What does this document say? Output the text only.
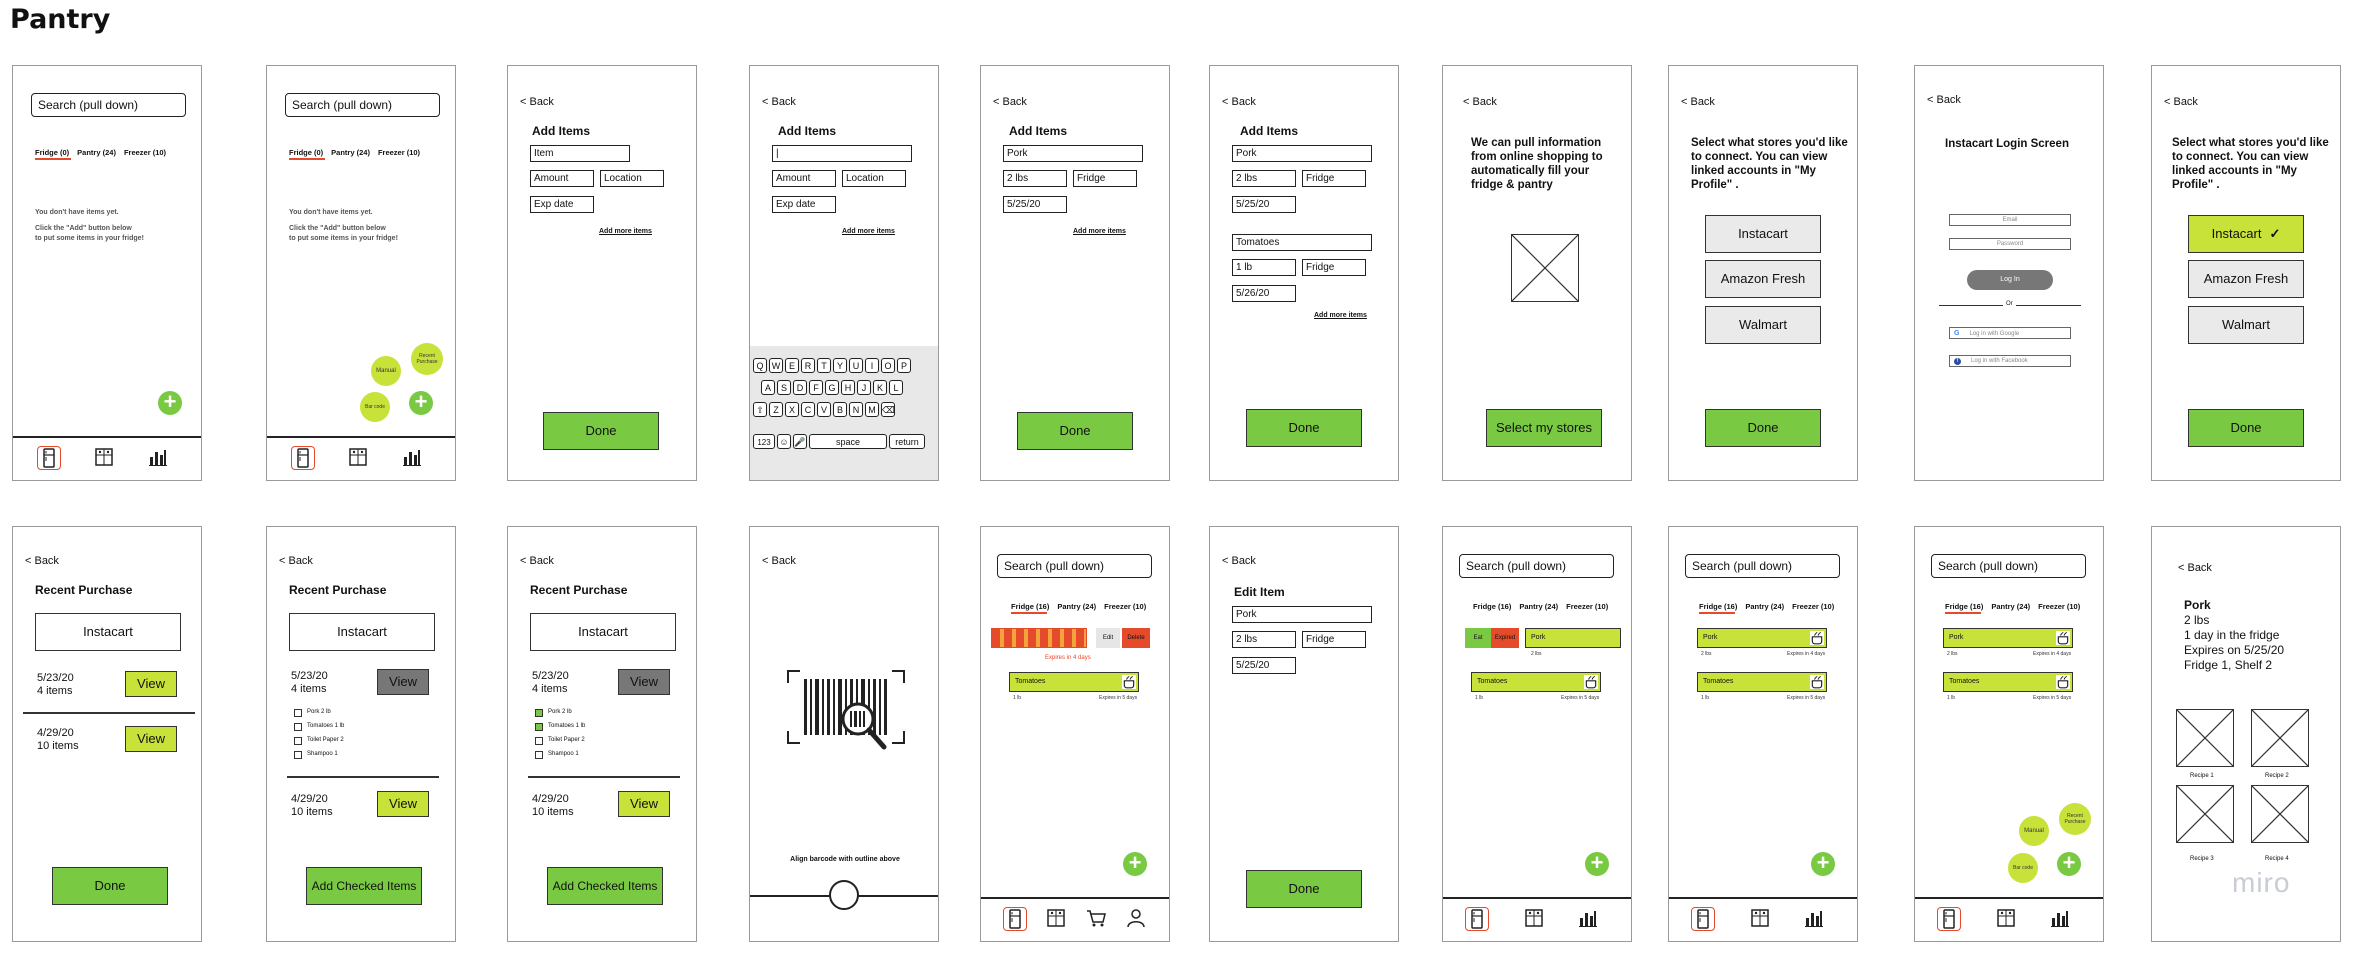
Pantry
Search (pull down)
Fridge (0) Pantry (24) Freezer (10)
You don't have items yet.
Click the "Add" button below
to put some items in your fridge!
+
Search (pull down)
Fridge (0) Pantry (24) Freezer (10)
You don't have items yet.
Click the "Add" button below
to put some items in your fridge!
Manual
Recent Purchase
Bar code +
< Back
Add Items
Item
Amount	Location
Exp date
Add more items
Done
< Back
Add Items
|
Amount	Location
Exp date
Add more items
Q W E R T Y U I O P
A S D F G H J K L
⇧ Z X C V B N M ⌫
123 ☺ 🎤	space	return
< Back
Add Items
Pork
2 lbs	Fridge
5/25/20
Add more items
Done
< Back
Add Items
Pork
2 lbs	Fridge
5/25/20
Tomatoes
1 lb	Fridge
5/26/20
Add more items
Done
< Back
We can pull information from online shopping to automatically fill your fridge & pantry
Select my stores
< Back
Select what stores you'd like to connect. You can view linked accounts in "My Profile" .
Instacart
Amazon Fresh
Walmart
Done
< Back
Instacart Login Screen
Email
Password
Log In
Or
G Log in with Google
f Log in with Facebook
< Back
Select what stores you'd like to connect. You can view linked accounts in "My Profile" .
Instacart ✓
Amazon Fresh
Walmart
Done
< Back
Recent Purchase
Instacart
5/23/20
4 items	View
4/29/20
10 items	View
Done
< Back
Recent Purchase
Instacart
5/23/20
4 items	View
Pork 2 lb
Tomatoes 1 lb
Toilet Paper 2
Shampoo 1
4/29/20
10 items
View
Add Checked Items
< Back
Recent Purchase
Instacart
5/23/20
4 items	View
Pork 2 lb
Tomatoes 1 lb
Toilet Paper 2
Shampoo 1
4/29/20
10 items
View
Add Checked Items
< Back
Align barcode with outline above
Search (pull down)
Fridge (16) Pantry (24) Freezer (10)
Edit	Delete
Expires in 4 days
Tomatoes
1 lb	Expires in 5 days
+
< Back
Edit Item
Pork
2 lbs	Fridge
5/25/20
Done
Search (pull down)
Fridge (16) Pantry (24) Freezer (10)
Eat	Expired	Pork
2 lbs
Tomatoes
1 lb	Expires in 5 days
+
Search (pull down)
Fridge (16) Pantry (24) Freezer (10)
Pork
2 lbs	Expires in 4 days
Tomatoes
1 lb	Expires in 5 days
+
Search (pull down)
Fridge (16) Pantry (24) Freezer (10)
Pork
2 lbs	Expires in 4 days
Tomatoes
1 lb	Expires in 5 days
Manual
Recent Purchase
Bar code +
< Back
Pork
2 lbs
1 day in the fridge
Expires on 5/25/20
Fridge 1, Shelf 2
Recipe 1	Recipe 2
Recipe 3	Recipe 4
miro
